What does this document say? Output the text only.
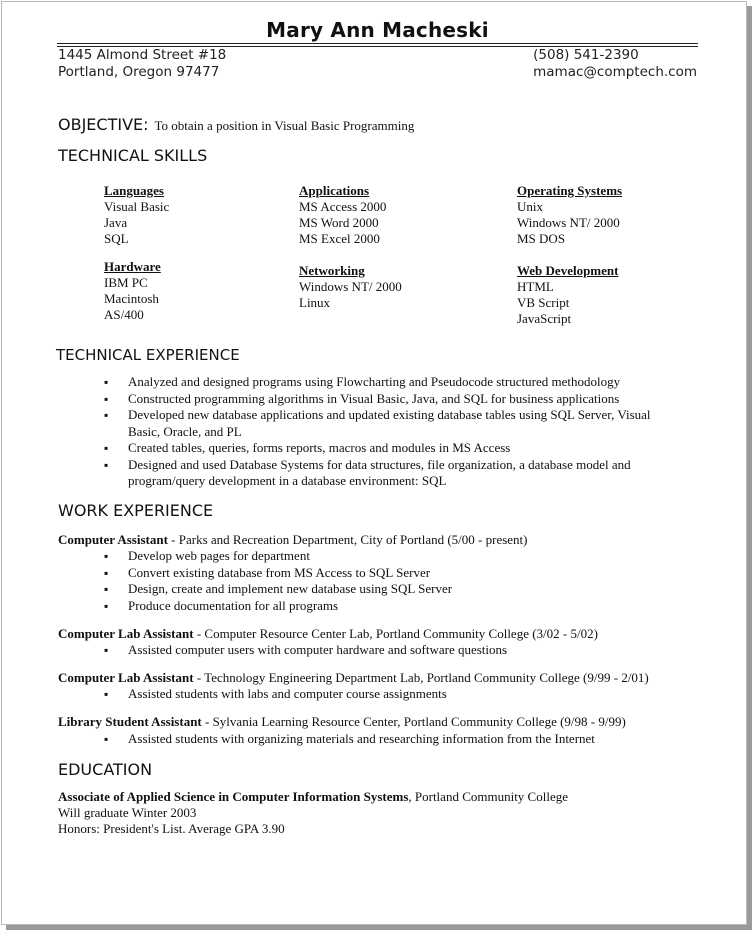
Mary Ann Macheski
1445 Almond Street #18
Portland, Oregon 97477
(508) 541-2390
mamac@comptech.com
OBJECTIVE: To obtain a position in Visual Basic Programming
TECHNICAL SKILLS
Languages
Visual Basic
Java
SQL
Applications
MS Access 2000
MS Word 2000
MS Excel 2000
Operating Systems
Unix
Windows NT/ 2000
MS DOS
Hardware
IBM PC
Macintosh
AS/400
Networking
Windows NT/ 2000
Linux
Web Development
HTML
VB Script
JavaScript
TECHNICAL EXPERIENCE
▪ Analyzed and designed programs using Flowcharting and Pseudocode structured methodology
▪ Constructed programming algorithms in Visual Basic, Java, and SQL for business applications
▪ Developed new database applications and updated existing database tables using SQL Server, Visual Basic, Oracle, and PL
▪ Created tables, queries, forms reports, macros and modules in MS Access
▪ Designed and used Database Systems for data structures, file organization, a database model and program/query development in a database environment: SQL
WORK EXPERIENCE
Computer Assistant - Parks and Recreation Department, City of Portland (5/00 - present)
▪ Develop web pages for department
▪ Convert existing database from MS Access to SQL Server
▪ Design, create and implement new database using SQL Server
▪ Produce documentation for all programs
Computer Lab Assistant - Computer Resource Center Lab, Portland Community College (3/02 - 5/02)
▪ Assisted computer users with computer hardware and software questions
Computer Lab Assistant - Technology Engineering Department Lab, Portland Community College (9/99 - 2/01)
▪ Assisted students with labs and computer course assignments
Library Student Assistant - Sylvania Learning Resource Center, Portland Community College (9/98 - 9/99)
▪ Assisted students with organizing materials and researching information from the Internet
EDUCATION
Associate of Applied Science in Computer Information Systems, Portland Community College
Will graduate Winter 2003
Honors: President's List. Average GPA 3.90
